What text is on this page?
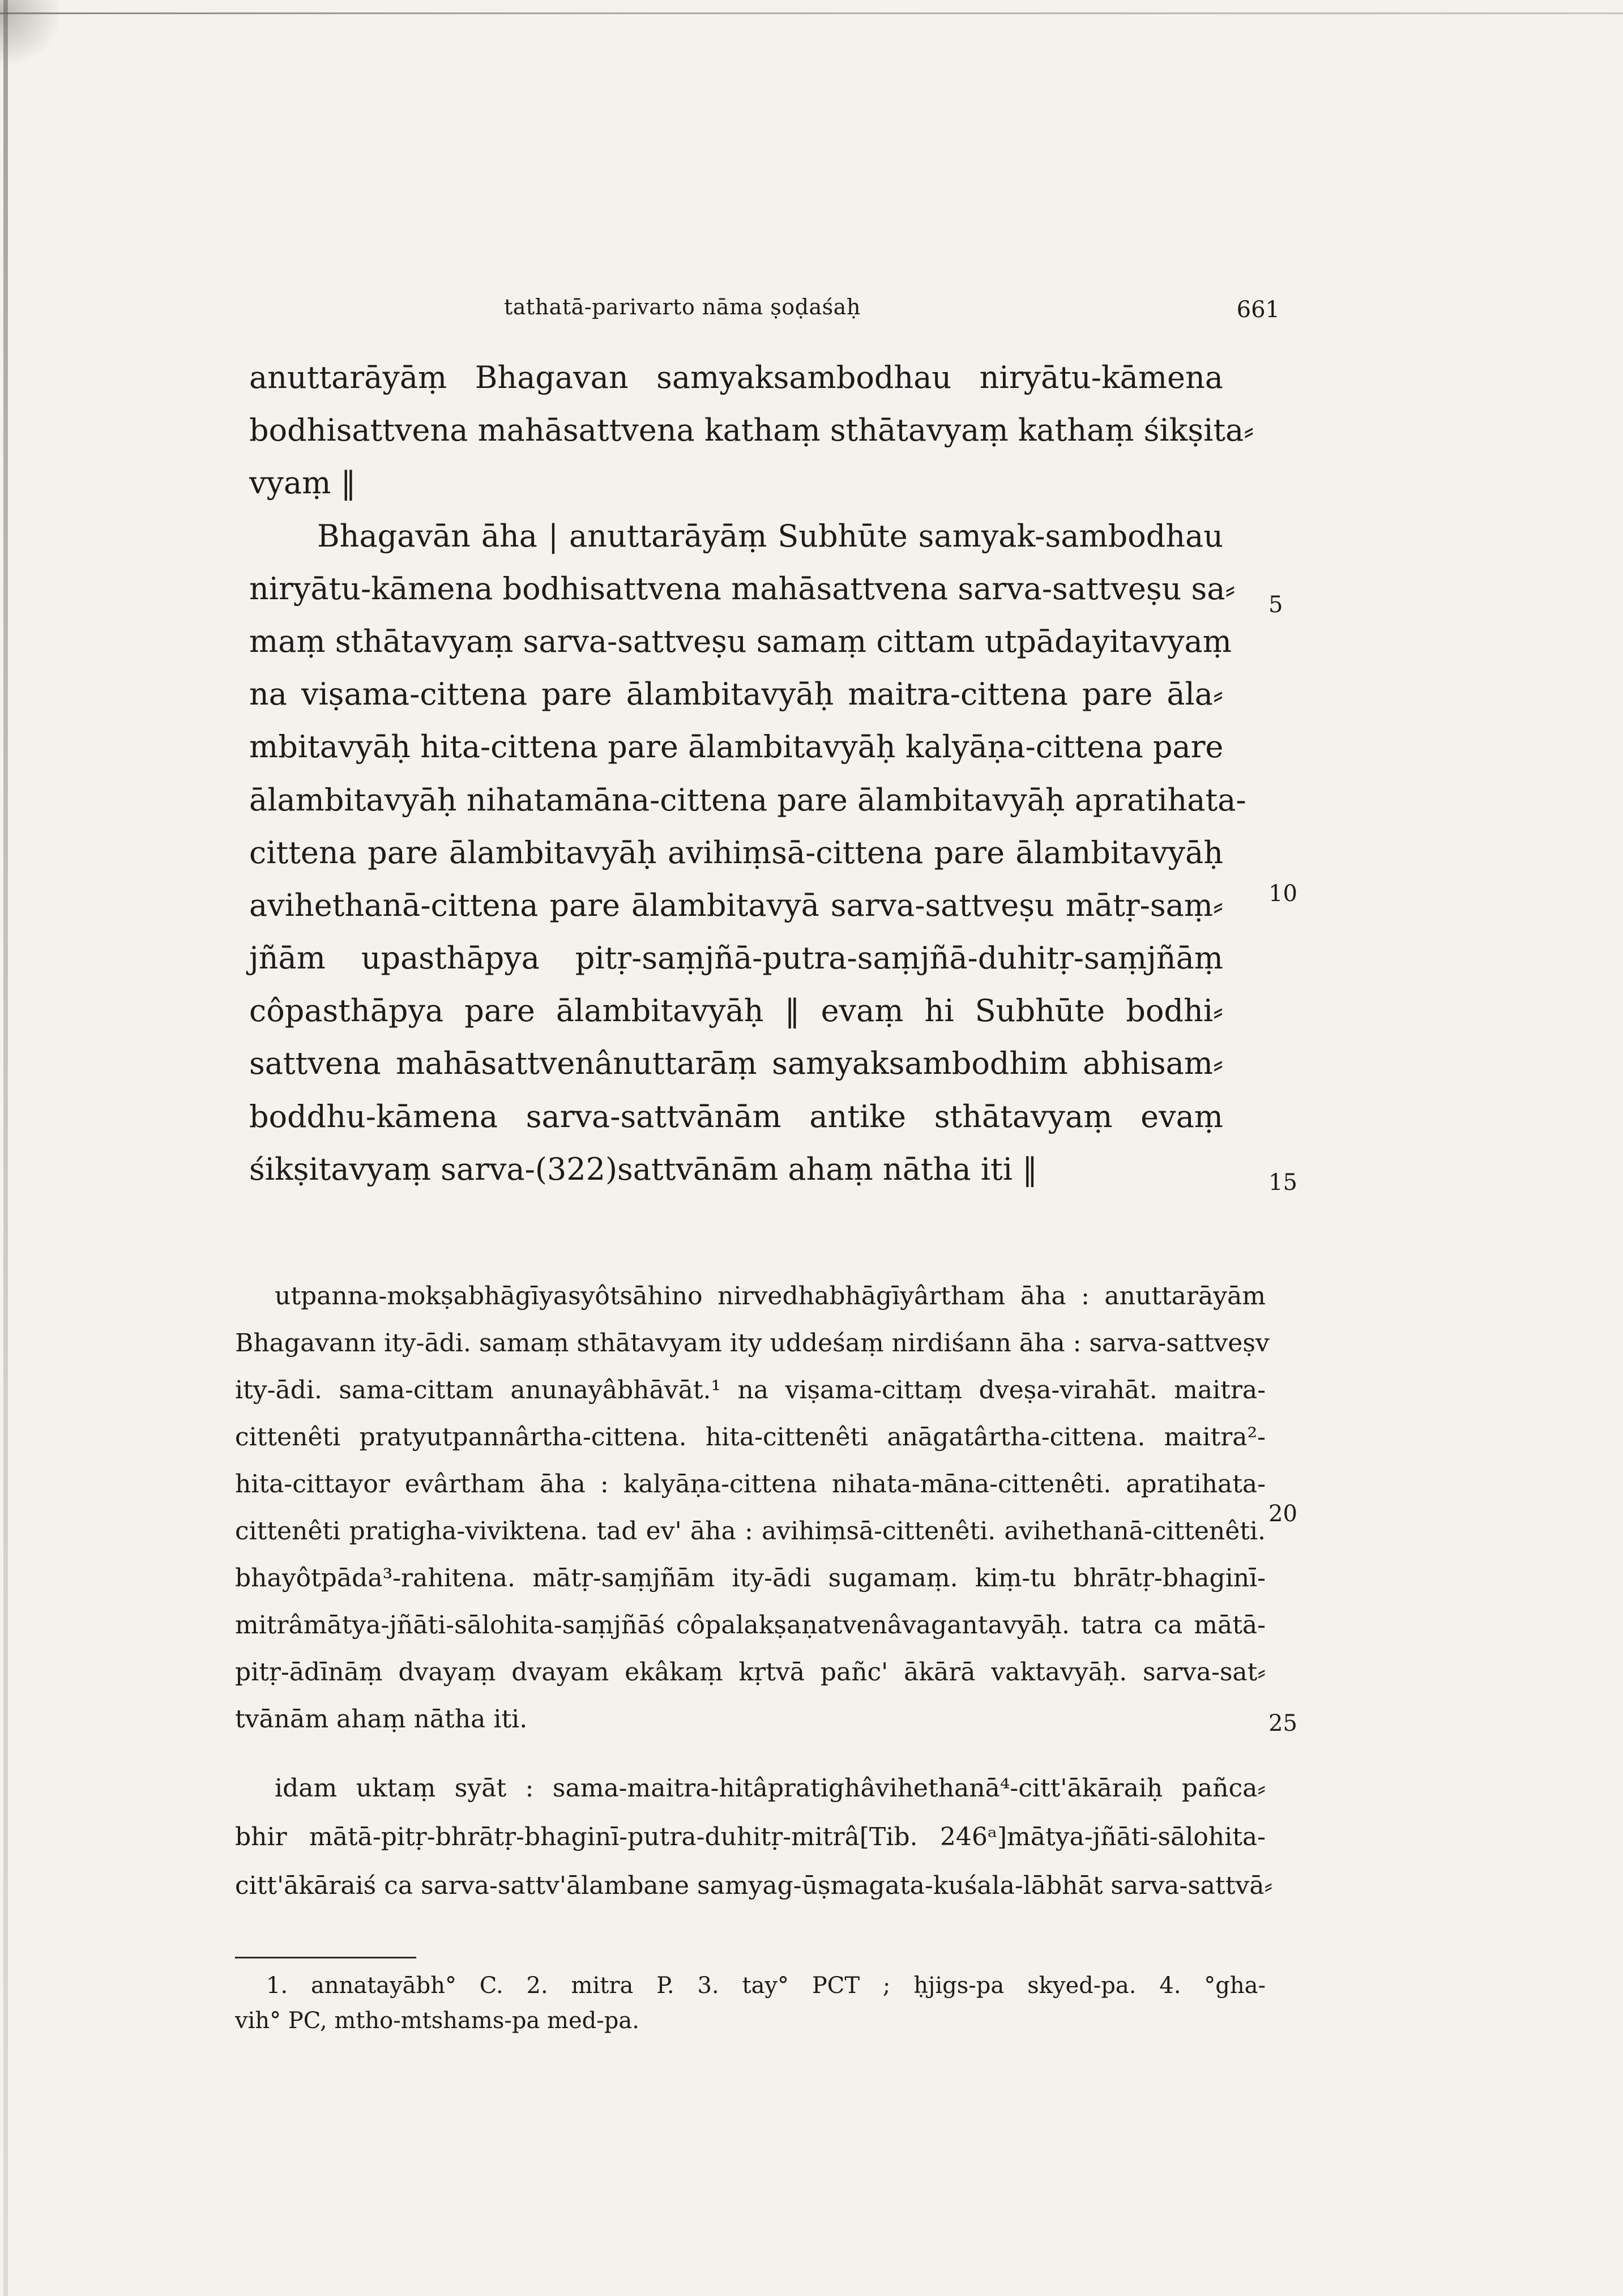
tathatā-parivarto nāma ṣoḍaśaḥ	661
anuttarāyāṃ Bhagavan samyaksambodhau niryātu-kāmena
bodhisattvena mahāsattvena kathaṃ sthātavyaṃ kathaṃ śikṣita⸗
vyaṃ ‖
Bhagavān āha | anuttarāyāṃ Subhūte samyak-sambodhau
niryātu-kāmena bodhisattvena mahāsattvena sarva-sattveṣu sa⸗
maṃ sthātavyaṃ sarva-sattveṣu samaṃ cittam utpādayitavyaṃ
na viṣama-cittena pare ālambitavyāḥ maitra-cittena pare āla⸗
mbitavyāḥ hita-cittena pare ālambitavyāḥ kalyāṇa-cittena pare
ālambitavyāḥ nihatamāna-cittena pare ālambitavyāḥ apratihata-
cittena pare ālambitavyāḥ avihiṃsā-cittena pare ālambitavyāḥ
avihethanā-cittena pare ālambitavyā sarva-sattveṣu mātṛ-saṃ⸗
jñām upasthāpya pitṛ-saṃjñā-putra-saṃjñā-duhitṛ-saṃjñāṃ
côpasthāpya pare ālambitavyāḥ ‖ evaṃ hi Subhūte bodhi⸗
sattvena mahāsattvenânuttarāṃ samyaksambodhim abhisam⸗
boddhu-kāmena sarva-sattvānām antike sthātavyaṃ evaṃ
śikṣitavyaṃ sarva-(322)sattvānām ahaṃ nātha iti ‖
utpanna-mokṣabhāgīyasyôtsāhino nirvedhabhāgīyârtham āha : anuttarāyām
Bhagavann ity-ādi. samaṃ sthātavyam ity uddeśaṃ nirdiśann āha : sarva-sattveṣv
ity-ādi. sama-cittam anunayâbhāvāt.¹ na viṣama-cittaṃ dveṣa-virahāt. maitra-
cittenêti pratyutpannârtha-cittena. hita-cittenêti anāgatârtha-cittena. maitra²-
hita-cittayor evârtham āha : kalyāṇa-cittena nihata-māna-cittenêti. apratihata-
cittenêti pratigha-viviktena. tad ev' āha : avihiṃsā-cittenêti. avihethanā-cittenêti.
bhayôtpāda³-rahitena. mātṛ-saṃjñām ity-ādi sugamaṃ. kiṃ-tu bhrātṛ-bhaginī-
mitrâmātya-jñāti-sālohita-saṃjñāś côpalakṣaṇatvenâvagantavyāḥ. tatra ca mātā-
pitṛ-ādīnāṃ dvayaṃ dvayam ekâkaṃ kṛtvā pañc' ākārā vaktavyāḥ. sarva-sat⸗
tvānām ahaṃ nātha iti.
idam uktaṃ syāt : sama-maitra-hitâpratighâvihethanā⁴-citt'ākāraiḥ pañca⸗
bhir mātā-pitṛ-bhrātṛ-bhaginī-putra-duhitṛ-mitrâ[Tib. 246ᵃ]mātya-jñāti-sālohita-
citt'ākāraiś ca sarva-sattv'ālambane samyag-ūṣmagata-kuśala-lābhāt sarva-sattvā⸗
5
10
15
20
25
1. annatayābh° C. 2. mitra P. 3. tay° PCT ; ḥjigs-pa skyed-pa. 4. °gha-
vih° PC, mtho-mtshams-pa med-pa.
